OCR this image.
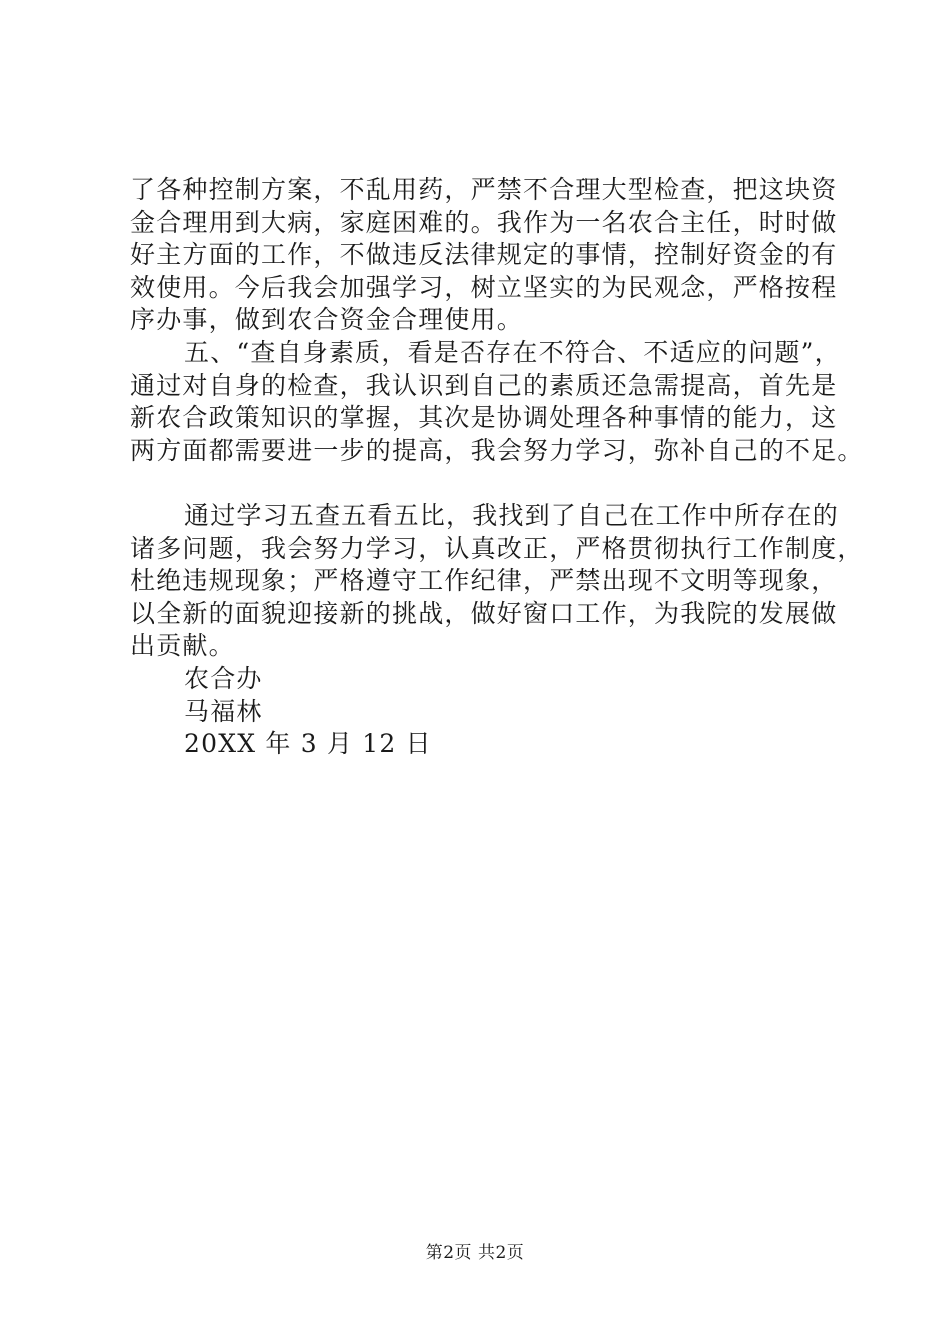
了各种控制方案，不乱用药，严禁不合理大型检查，把这块资
金合理用到大病，家庭困难的。我作为一名农合主任，时时做
好主方面的工作，不做违反法律规定的事情，控制好资金的有
效使用。今后我会加强学习，树立坚实的为民观念，严格按程
序办事，做到农合资金合理使用。
五、“查自身素质，看是否存在不符合、不适应的问题”，
通过对自身的检查，我认识到自己的素质还急需提高，首先是
新农合政策知识的掌握，其次是协调处理各种事情的能力，这
两方面都需要进一步的提高，我会努力学习，弥补自己的不足。
通过学习五查五看五比，我找到了自己在工作中所存在的
诸多问题，我会努力学习，认真改正，严格贯彻执行工作制度，
杜绝违规现象；严格遵守工作纪律，严禁出现不文明等现象，
以全新的面貌迎接新的挑战，做好窗口工作，为我院的发展做
出贡献。
农合办
马福林
20XX 年 3 月 12 日
第2页 共2页
